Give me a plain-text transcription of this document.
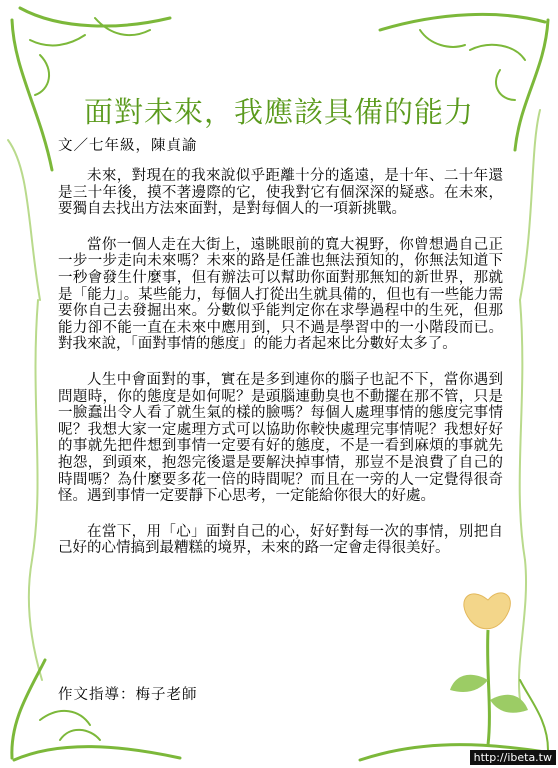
面對未來，我應該具備的能力
文／七年級，陳貞諭

未來，對現在的我來說似乎距離十分的遙遠，是十年、二十年還是三十年後，摸不著邊際的它，使我對它有個深深的疑惑。在未來，要獨自去找出方法來面對，是對每個人的一項新挑戰。

當你一個人走在大街上，遠眺眼前的寬大視野，你曾想過自己正一步一步走向未來嗎？未來的路是任誰也無法預知的，你無法知道下一秒會發生什麼事，但有辦法可以幫助你面對那無知的新世界，那就是「能力」。某些能力，每個人打從出生就具備的，但也有一些能力需要你自己去發掘出來。分數似乎能判定你在求學過程中的生死，但那能力卻不能一直在未來中應用到，只不過是學習中的一小階段而已。對我來說，「面對事情的態度」的能力者起來比分數好太多了。

人生中會面對的事，實在是多到連你的腦子也記不下，當你遇到問題時，你的態度是如何呢？是頭腦連動臭也不動擺在那不管，只是一臉蠢出令人看了就生氣的樣的臉嗎？每個人處理事情的態度完事情呢？我想大家一定處理方式可以協助你較快處理完事情呢？我想好好的事就先把件想到事情一定要有好的態度，不是一看到麻煩的事就先抱怨，到頭來，抱怨完後還是要解決掉事情，那豈不是浪費了自己的時間嗎？為什麼要多花一倍的時間呢？而且在一旁的人一定覺得很奇怪。遇到事情一定要靜下心思考，一定能給你很大的好處。

在當下，用「心」面對自己的心，好好對每一次的事情，別把自己好的心情搞到最糟糕的境界，未來的路一定會走得很美好。

作文指導：梅子老師
http://ibeta.tw
